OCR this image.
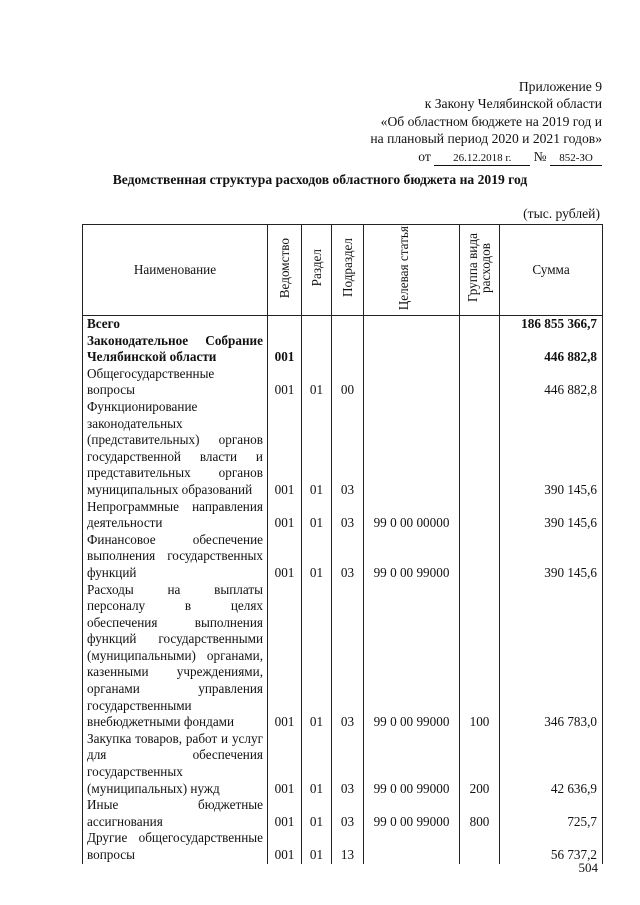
Приложение 9
к Закону Челябинской области
«Об областном бюджете на 2019 год и
на плановый период 2020 и 2021 годов»
от 26.12.2018 г. № 852-ЗО
Ведомственная структура расходов областного бюджета на 2019 год
(тыс. рублей)
Наименование	Ведомство	Раздел	Подраздел	Целевая статья	Группа вида расходов	Сумма
Всего						186 855 366,7
Законодательное Собрание Челябинской области	001					446 882,8
Общегосударственные вопросы	001	01	00			446 882,8
Функционирование законодательных (представительных) органов государственной власти и представительных органов муниципальных образований	001	01	03			390 145,6
Непрограммные направления деятельности	001	01	03	99 0 00 00000		390 145,6
Финансовое обеспечение выполнения государственных функций	001	01	03	99 0 00 99000		390 145,6
Расходы на выплаты персоналу в целях обеспечения выполнения функций государственными (муниципальными) органами, казенными учреждениями, органами управления государственными внебюджетными фондами	001	01	03	99 0 00 99000	100	346 783,0
Закупка товаров, работ и услуг для обеспечения государственных (муниципальных) нужд	001	01	03	99 0 00 99000	200	42 636,9
Иные бюджетные ассигнования	001	01	03	99 0 00 99000	800	725,7
Другие общегосударственные вопросы	001	01	13			56 737,2
504
